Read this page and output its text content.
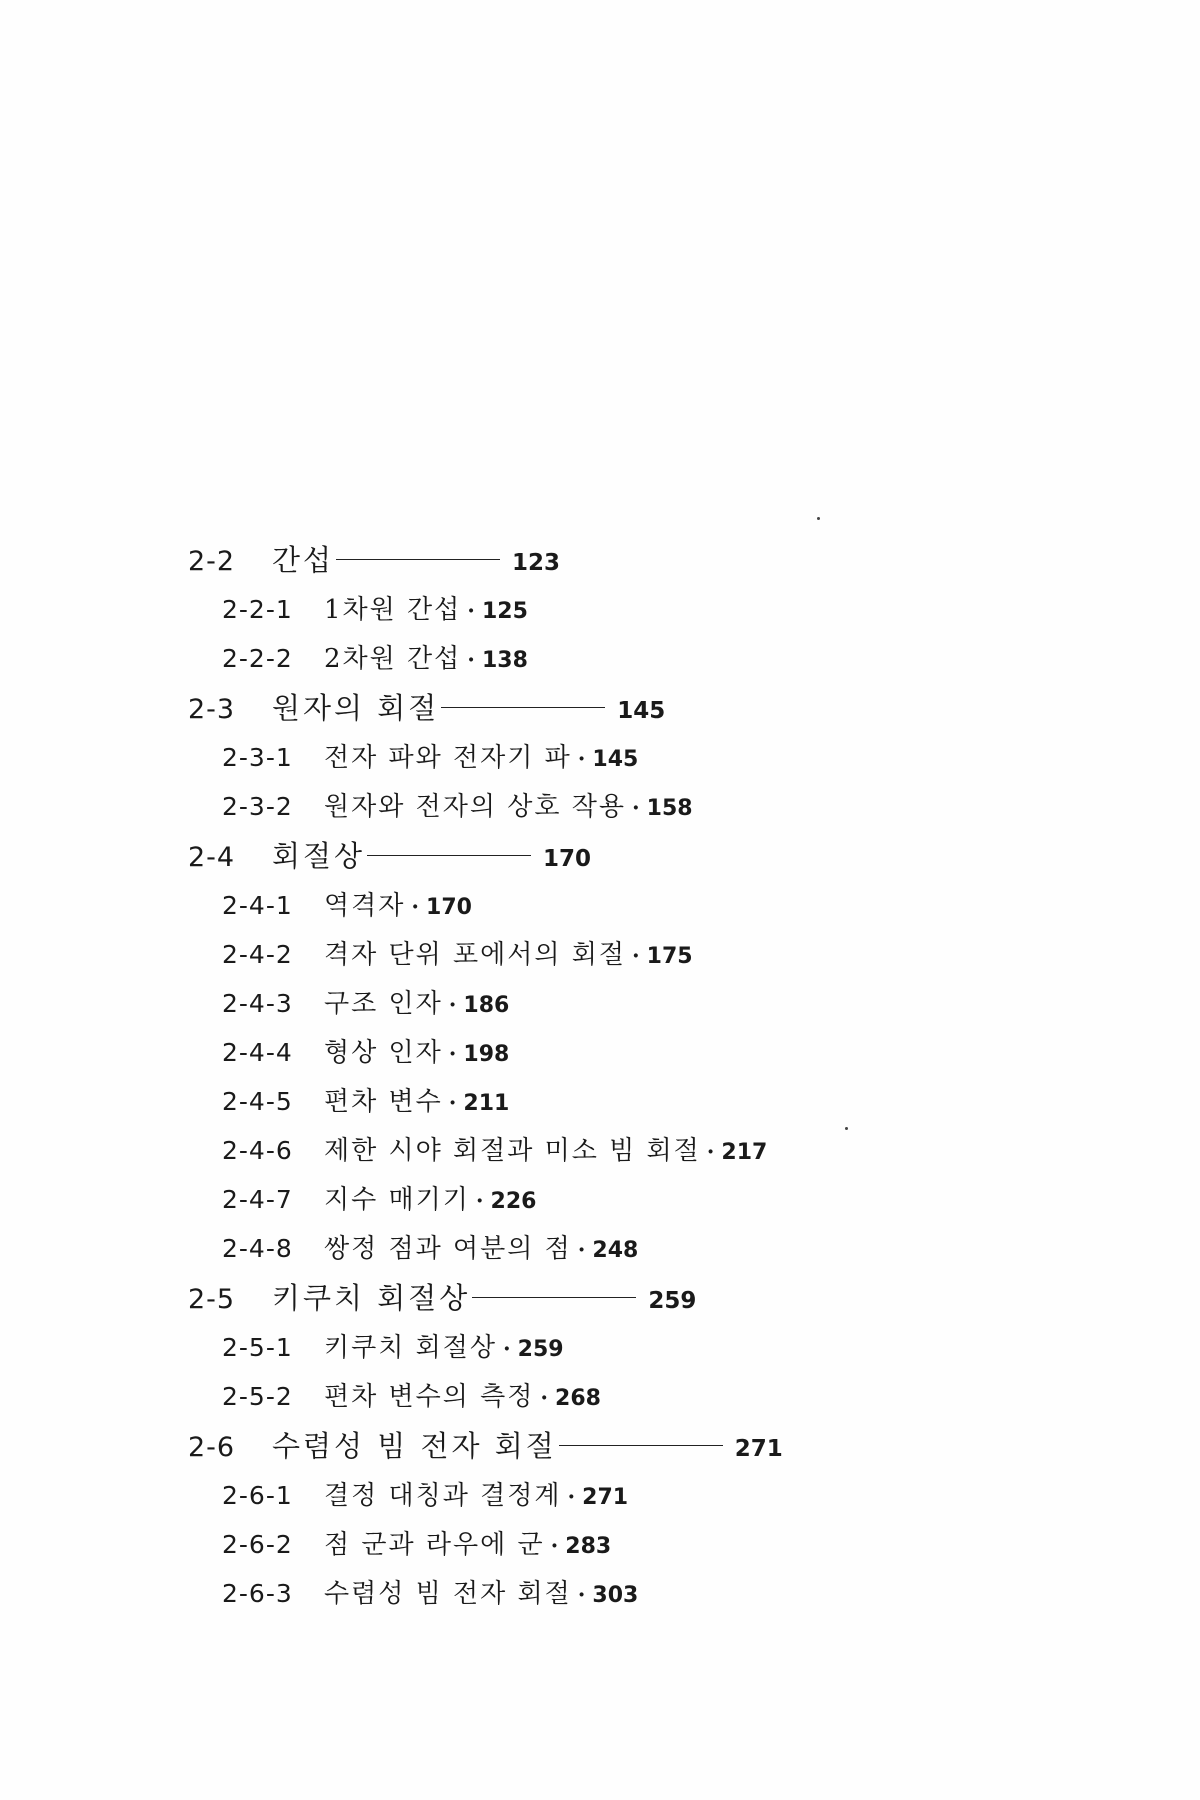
2-2	간섭	123
2-2-1	1차원 간섭 · 125
2-2-2	2차원 간섭 · 138
2-3	원자의 회절	145
2-3-1	전자 파와 전자기 파 · 145
2-3-2	원자와 전자의 상호 작용 · 158
2-4	회절상	170
2-4-1	역격자 · 170
2-4-2	격자 단위 포에서의 회절 · 175
2-4-3	구조 인자 · 186
2-4-4	형상 인자 · 198
2-4-5	편차 변수 · 211
2-4-6	제한 시야 회절과 미소 빔 회절 · 217
2-4-7	지수 매기기 · 226
2-4-8	쌍정 점과 여분의 점 · 248
2-5	키쿠치 회절상	259
2-5-1	키쿠치 회절상 · 259
2-5-2	편차 변수의 측정 · 268
2-6	수렴성 빔 전자 회절	271
2-6-1	결정 대칭과 결정계 · 271
2-6-2	점 군과 라우에 군 · 283
2-6-3	수렴성 빔 전자 회절 · 303
